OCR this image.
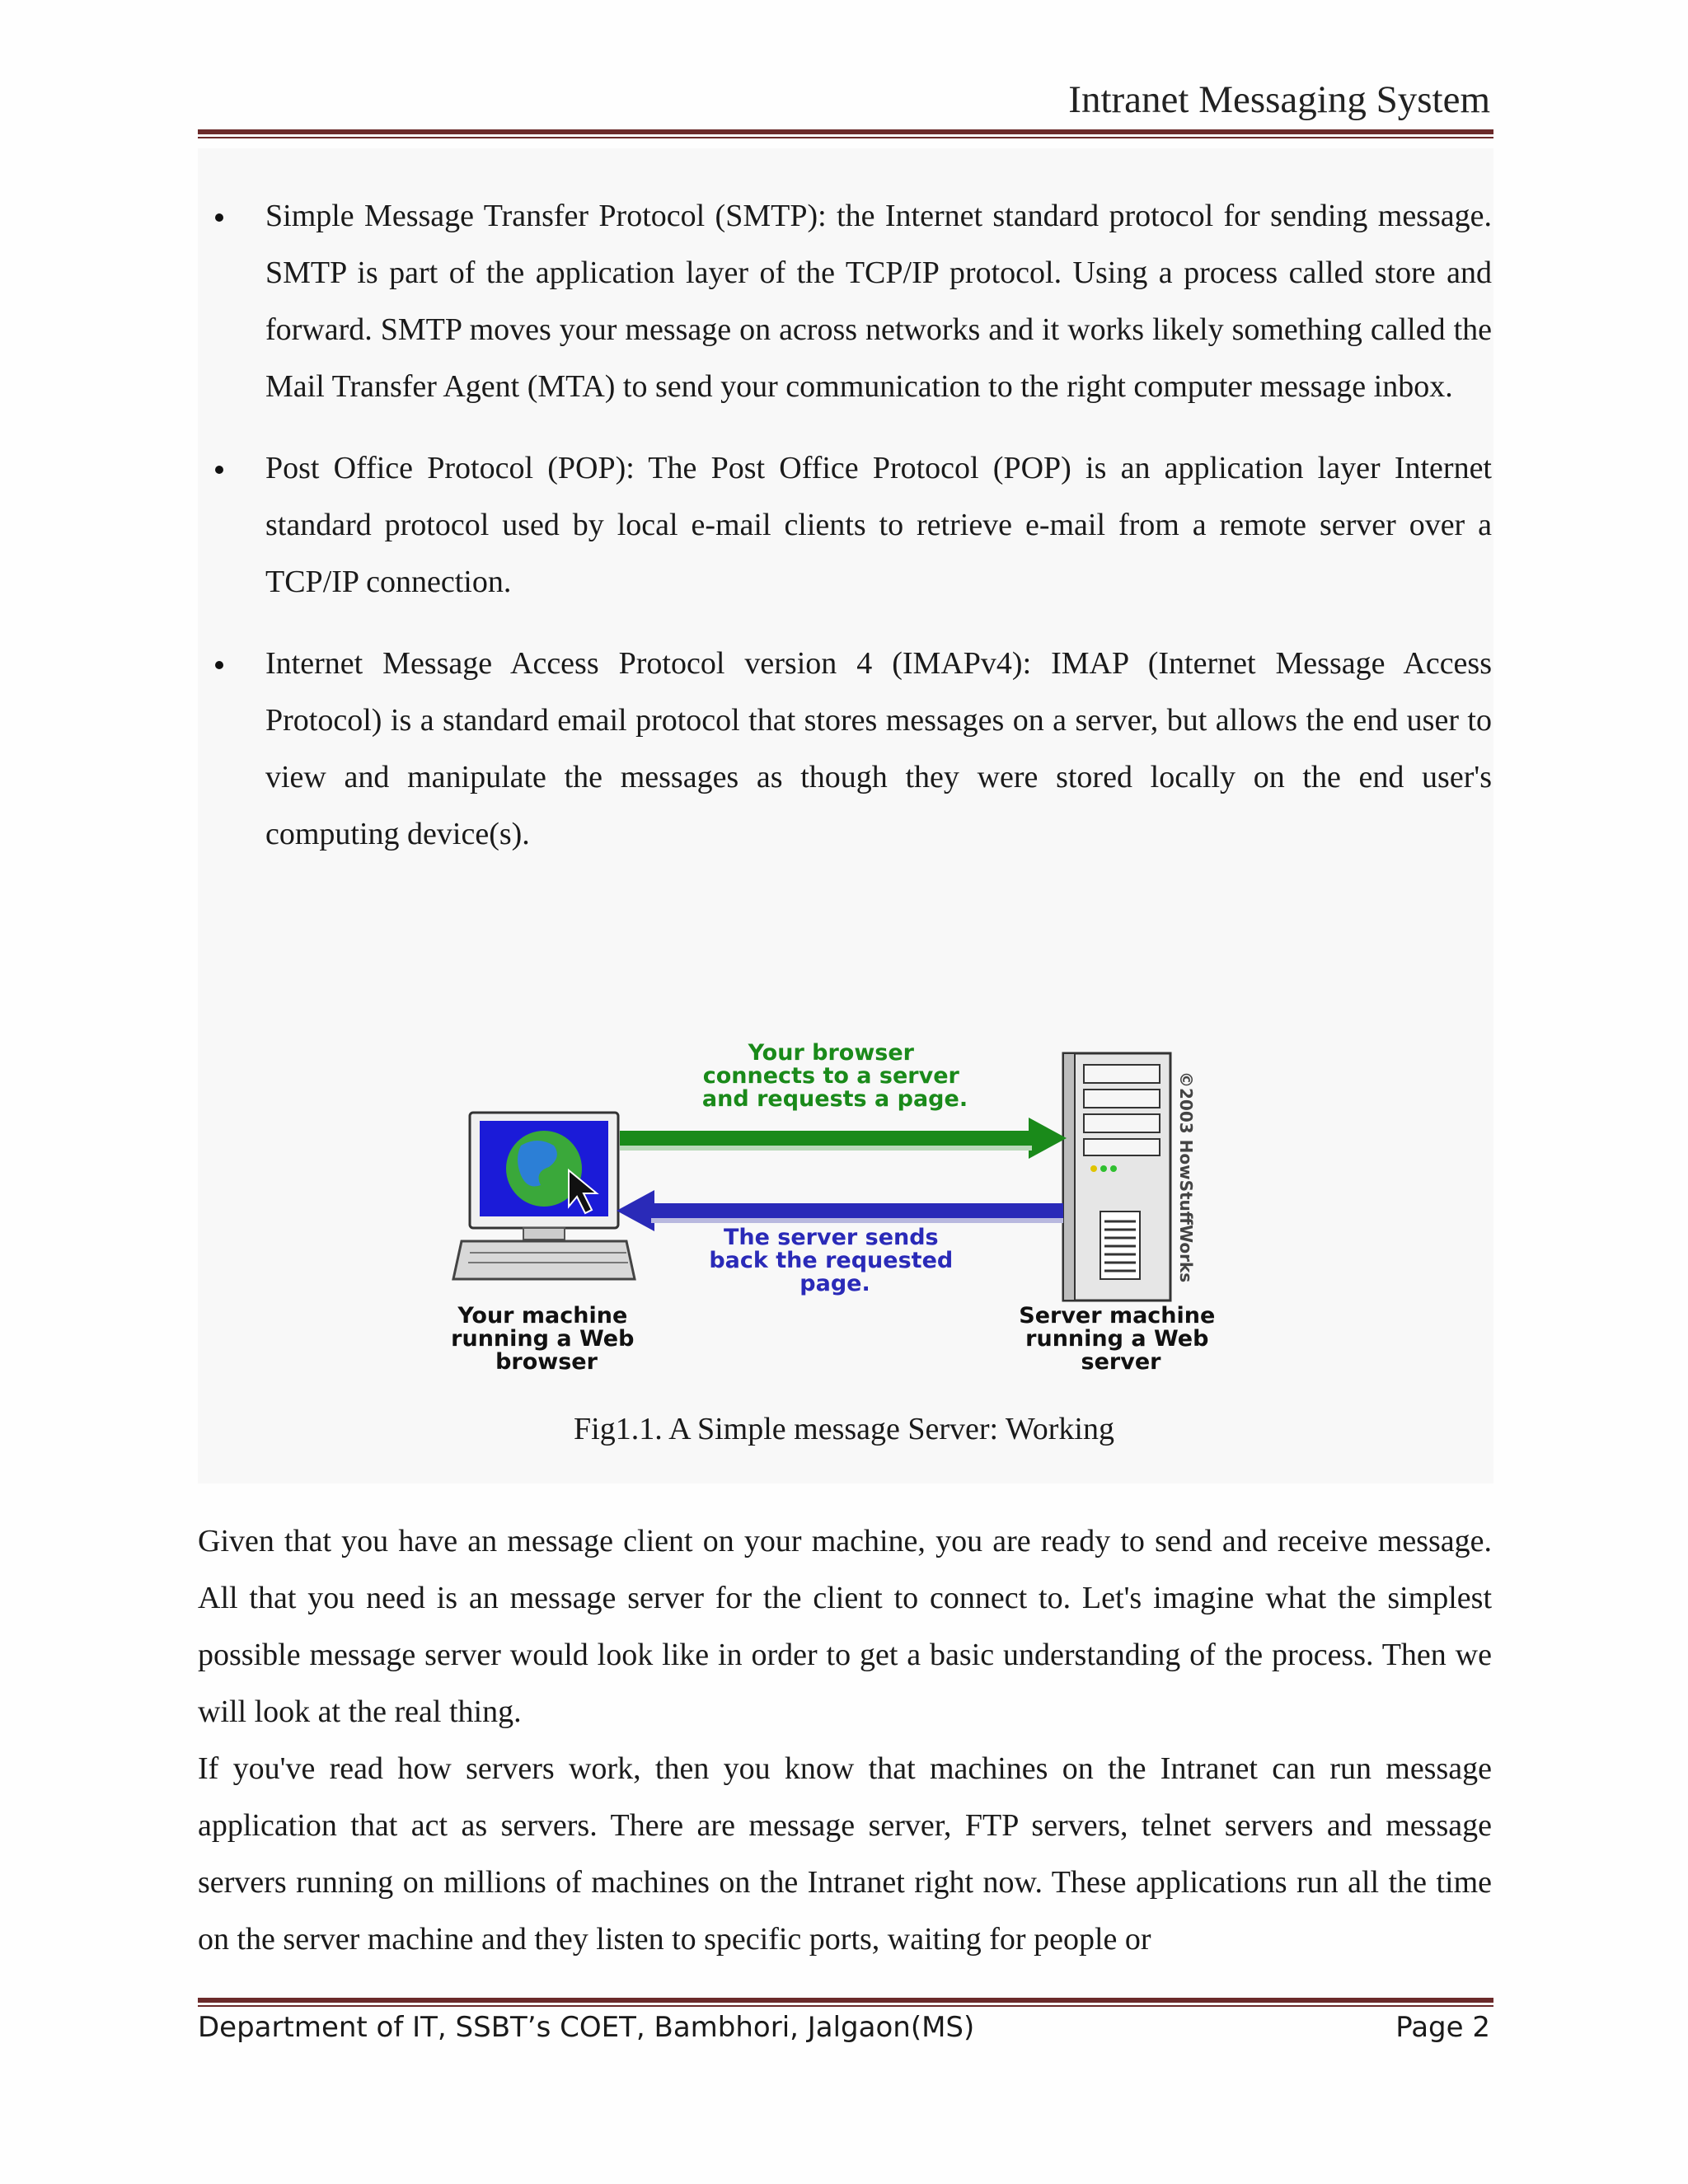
Intranet Messaging System
Simple Message Transfer Protocol (SMTP): the Internet standard protocol for sending message. SMTP is part of the application layer of the TCP/IP protocol. Using a process called store and forward. SMTP moves your message on across networks and it works likely something called the Mail Transfer Agent (MTA) to send your communication to the right computer message inbox.
Post Office Protocol (POP): The Post Office Protocol (POP) is an application layer Internet standard protocol used by local e-mail clients to retrieve e-mail from a remote server over a TCP/IP connection.
Internet Message Access Protocol version 4 (IMAPv4): IMAP (Internet Message Access Protocol) is a standard email protocol that stores messages on a server, but allows the end user to view and manipulate the messages as though they were stored locally on the end user's computing device(s).
Your browser connects to a server and requests a page.
The server sends back the requested page.
Your machine running a Web browser
Server machine running a Web server
©2003 HowStuffWorks
Fig1.1. A Simple message Server: Working

Given that you have an message client on your machine, you are ready to send and receive message. All that you need is an message server for the client to connect to. Let's imagine what the simplest possible message server would look like in order to get a basic understanding of the process. Then we will look at the real thing.

If you've read how servers work, then you know that machines on the Intranet can run message application that act as servers. There are message server, FTP servers, telnet servers and message servers running on millions of machines on the Intranet right now. These applications run all the time on the server machine and they listen to specific ports, waiting for people or

Department of IT, SSBT’s COET, Bambhori, Jalgaon(MS)	Page 2
